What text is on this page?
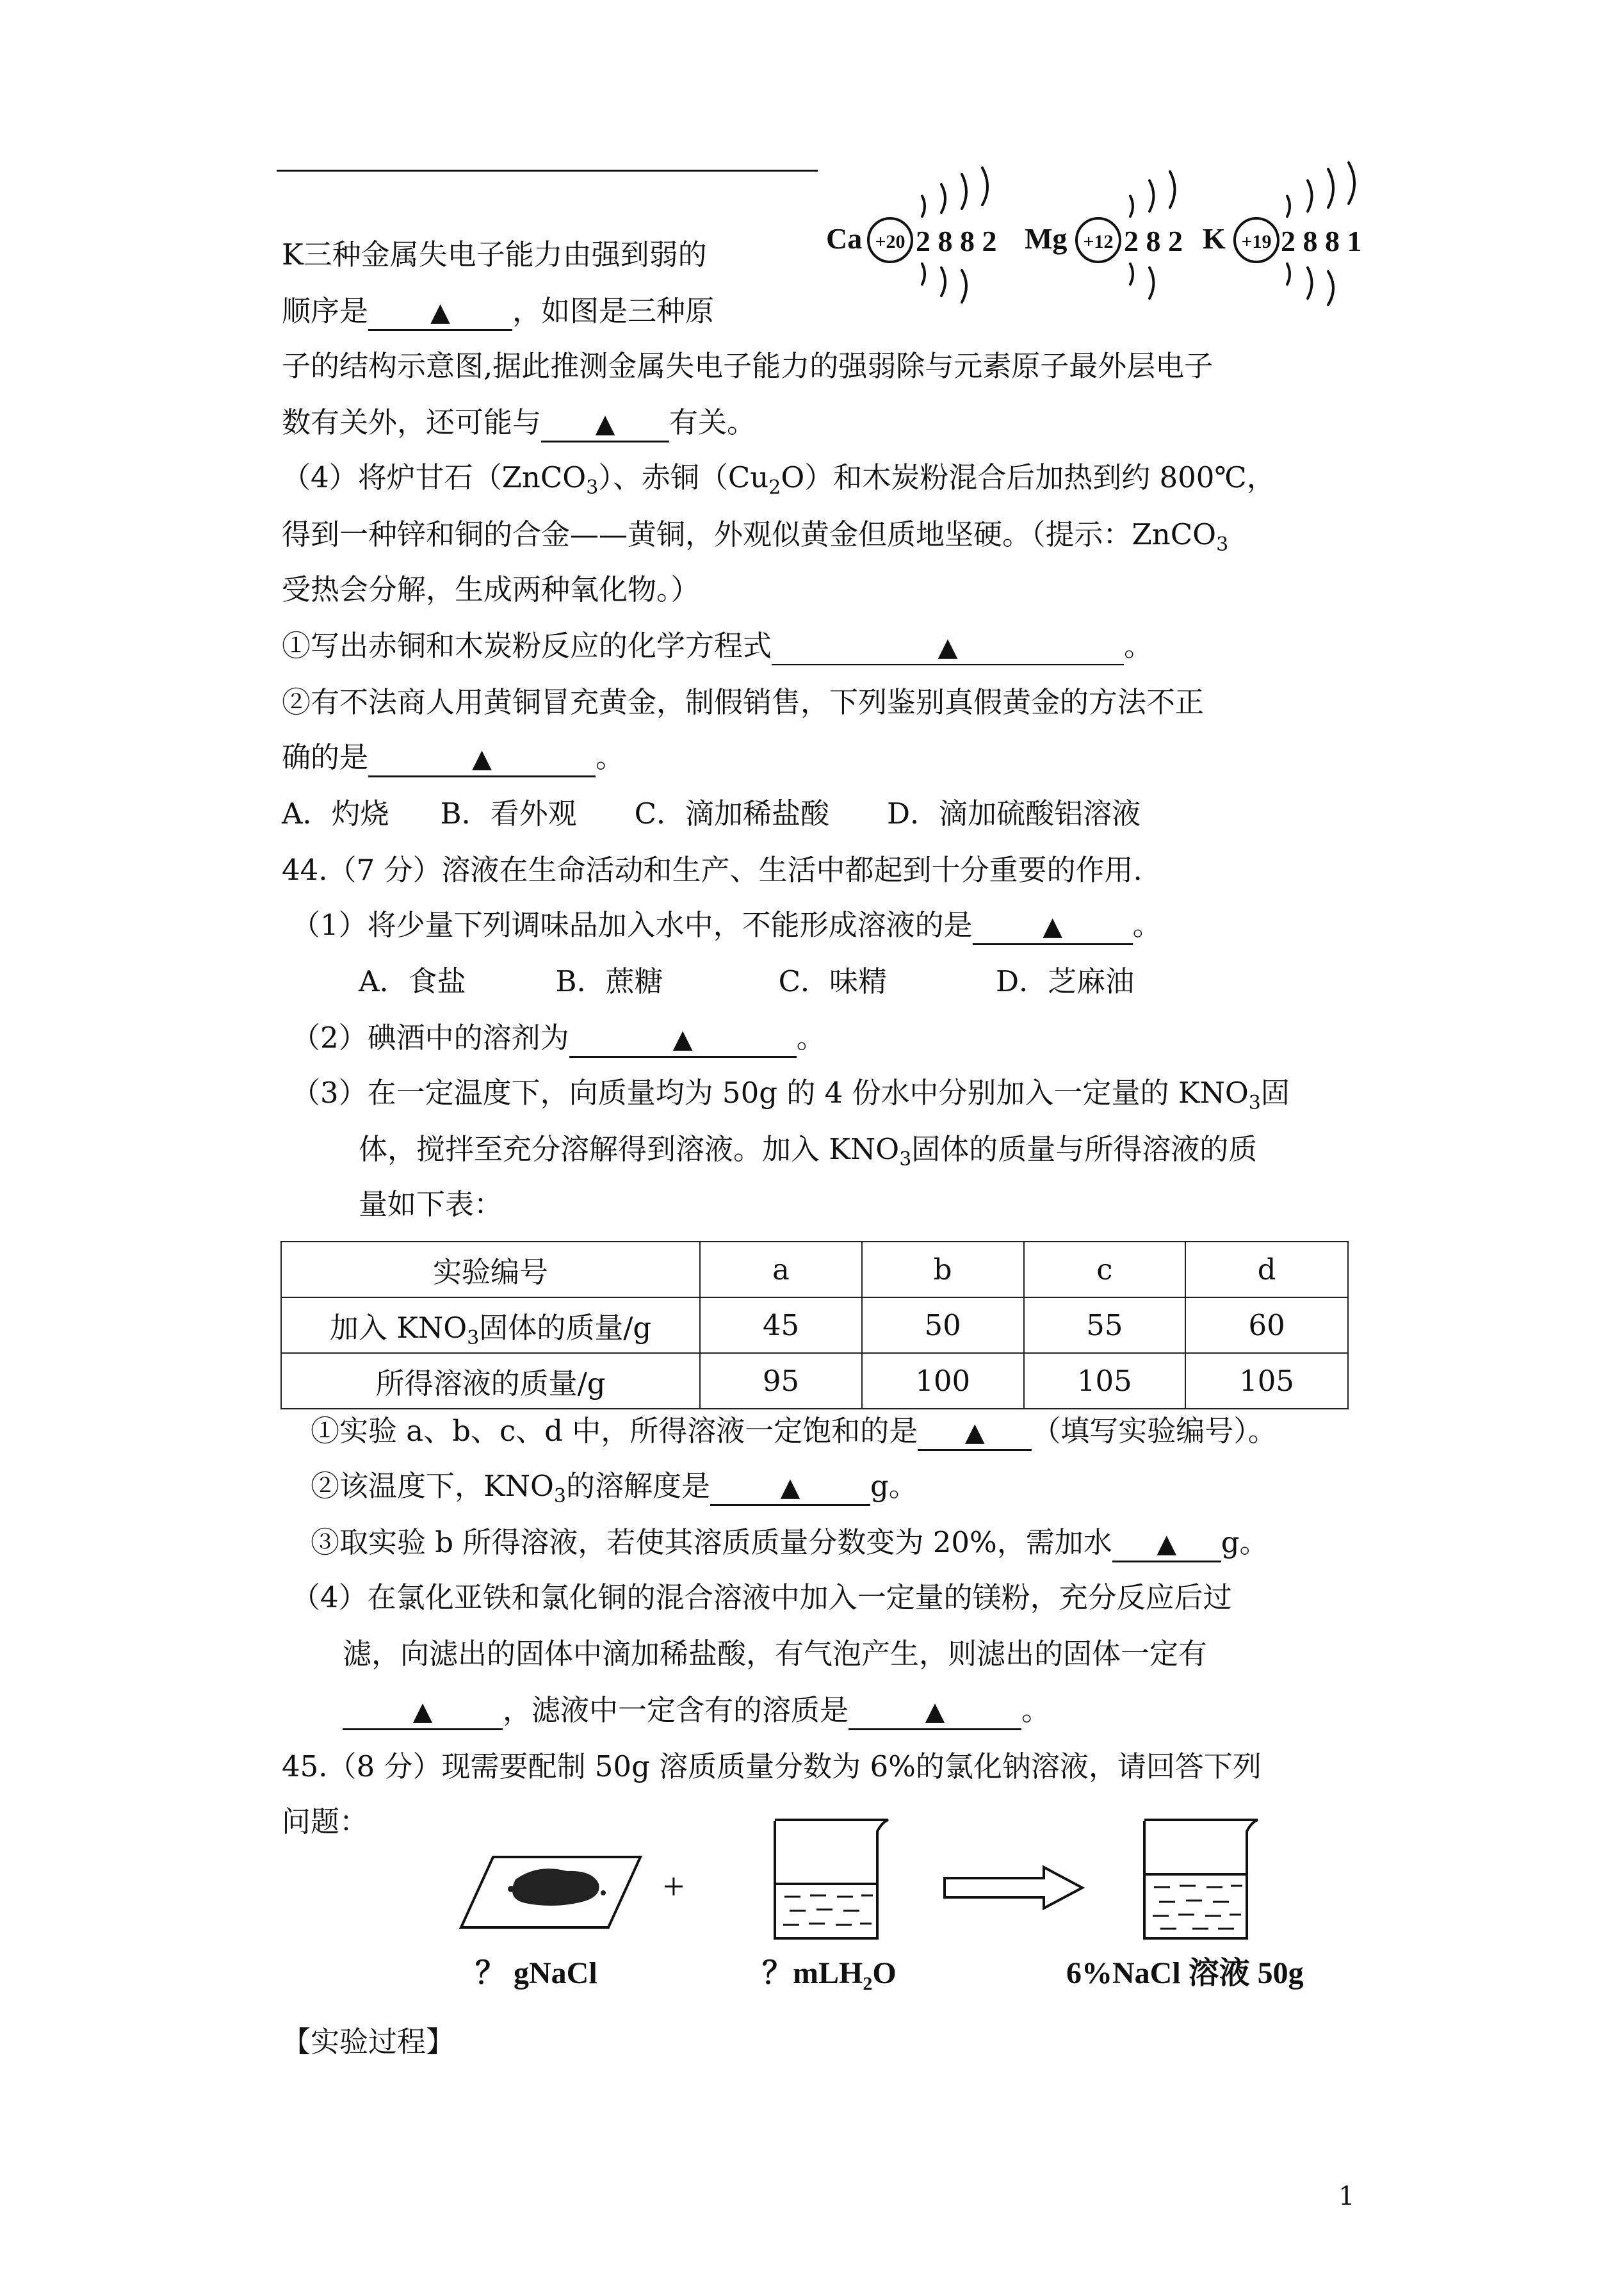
K三种金属失电子能力由强到弱的
顺序是 ▲ ，如图是三种原
子的结构示意图,据此推测金属失电子能力的强弱除与元素原子最外层电子
数有关外，还可能与 ▲ 有关。
Ca +20 2 8 8 2 Mg +12 2 8 2 K +19 2 8 8 1
（4）将炉甘石（ZnCO$_3$）、赤铜$(Cu_2O)$和木炭粉混合后加热到约 800℃，
得到一种锌和铜的合金——黄铜，外观似黄金但质地坚硬。（提示：ZnCO$_3$
受热会分解，生成两种氧化物。）
①写出赤铜和木炭粉反应的化学方程式	▲	。
②有不法商人用黄铜冒充黄金，制假销售，下列鉴别真假黄金的方法不正
确的是	▲	。
A．灼烧 B．看外观 C．滴加稀盐酸 D．滴加硫酸铝溶液
44.（7 分）溶液在生命活动和生产、生活中都起到十分重要的作用.
（1）将少量下列调味品加入水中，不能形成溶液的是	▲ 。
A．食盐	B．蔗糖	C．味精	D．芝麻油
（2）碘酒中的溶剂为	▲	。
（3）在一定温度下，向质量均为 50g 的 4 份水中分别加入一定量的 $KNO_3$固
体，搅拌至充分溶解得到溶液。加入 $KNO_3$固体的质量与所得溶液的质
量如下表：
实验编号	a	b	c	d
加入 $KNO_3$固体的质量/g	45	50	55	60
所得溶液的质量/g	95	100	105	105
①实验 a、b、c、d 中，所得溶液一定饱和的是 ▲ （填写实验编号）。
②该温度下，$KNO_3$的溶解度是	▲ g。
③取实验 b 所得溶液，若使其溶质质量分数变为 20%，需加水 ▲ g。
（4）在氯化亚铁和氯化铜的混合溶液中加入一定量的镁粉，充分反应后过
滤，向滤出的固体中滴加稀盐酸，有气泡产生，则滤出的固体一定有
▲ ，滤液中一定含有的溶质是	▲	。
45.（8 分）现需要配制 50g 溶质质量分数为 6%的氯化钠溶液，请回答下列
问题：
+
？ gNaCl	？mLH$_2$O	6%NaCl 溶液 50g
【实验过程】
1
